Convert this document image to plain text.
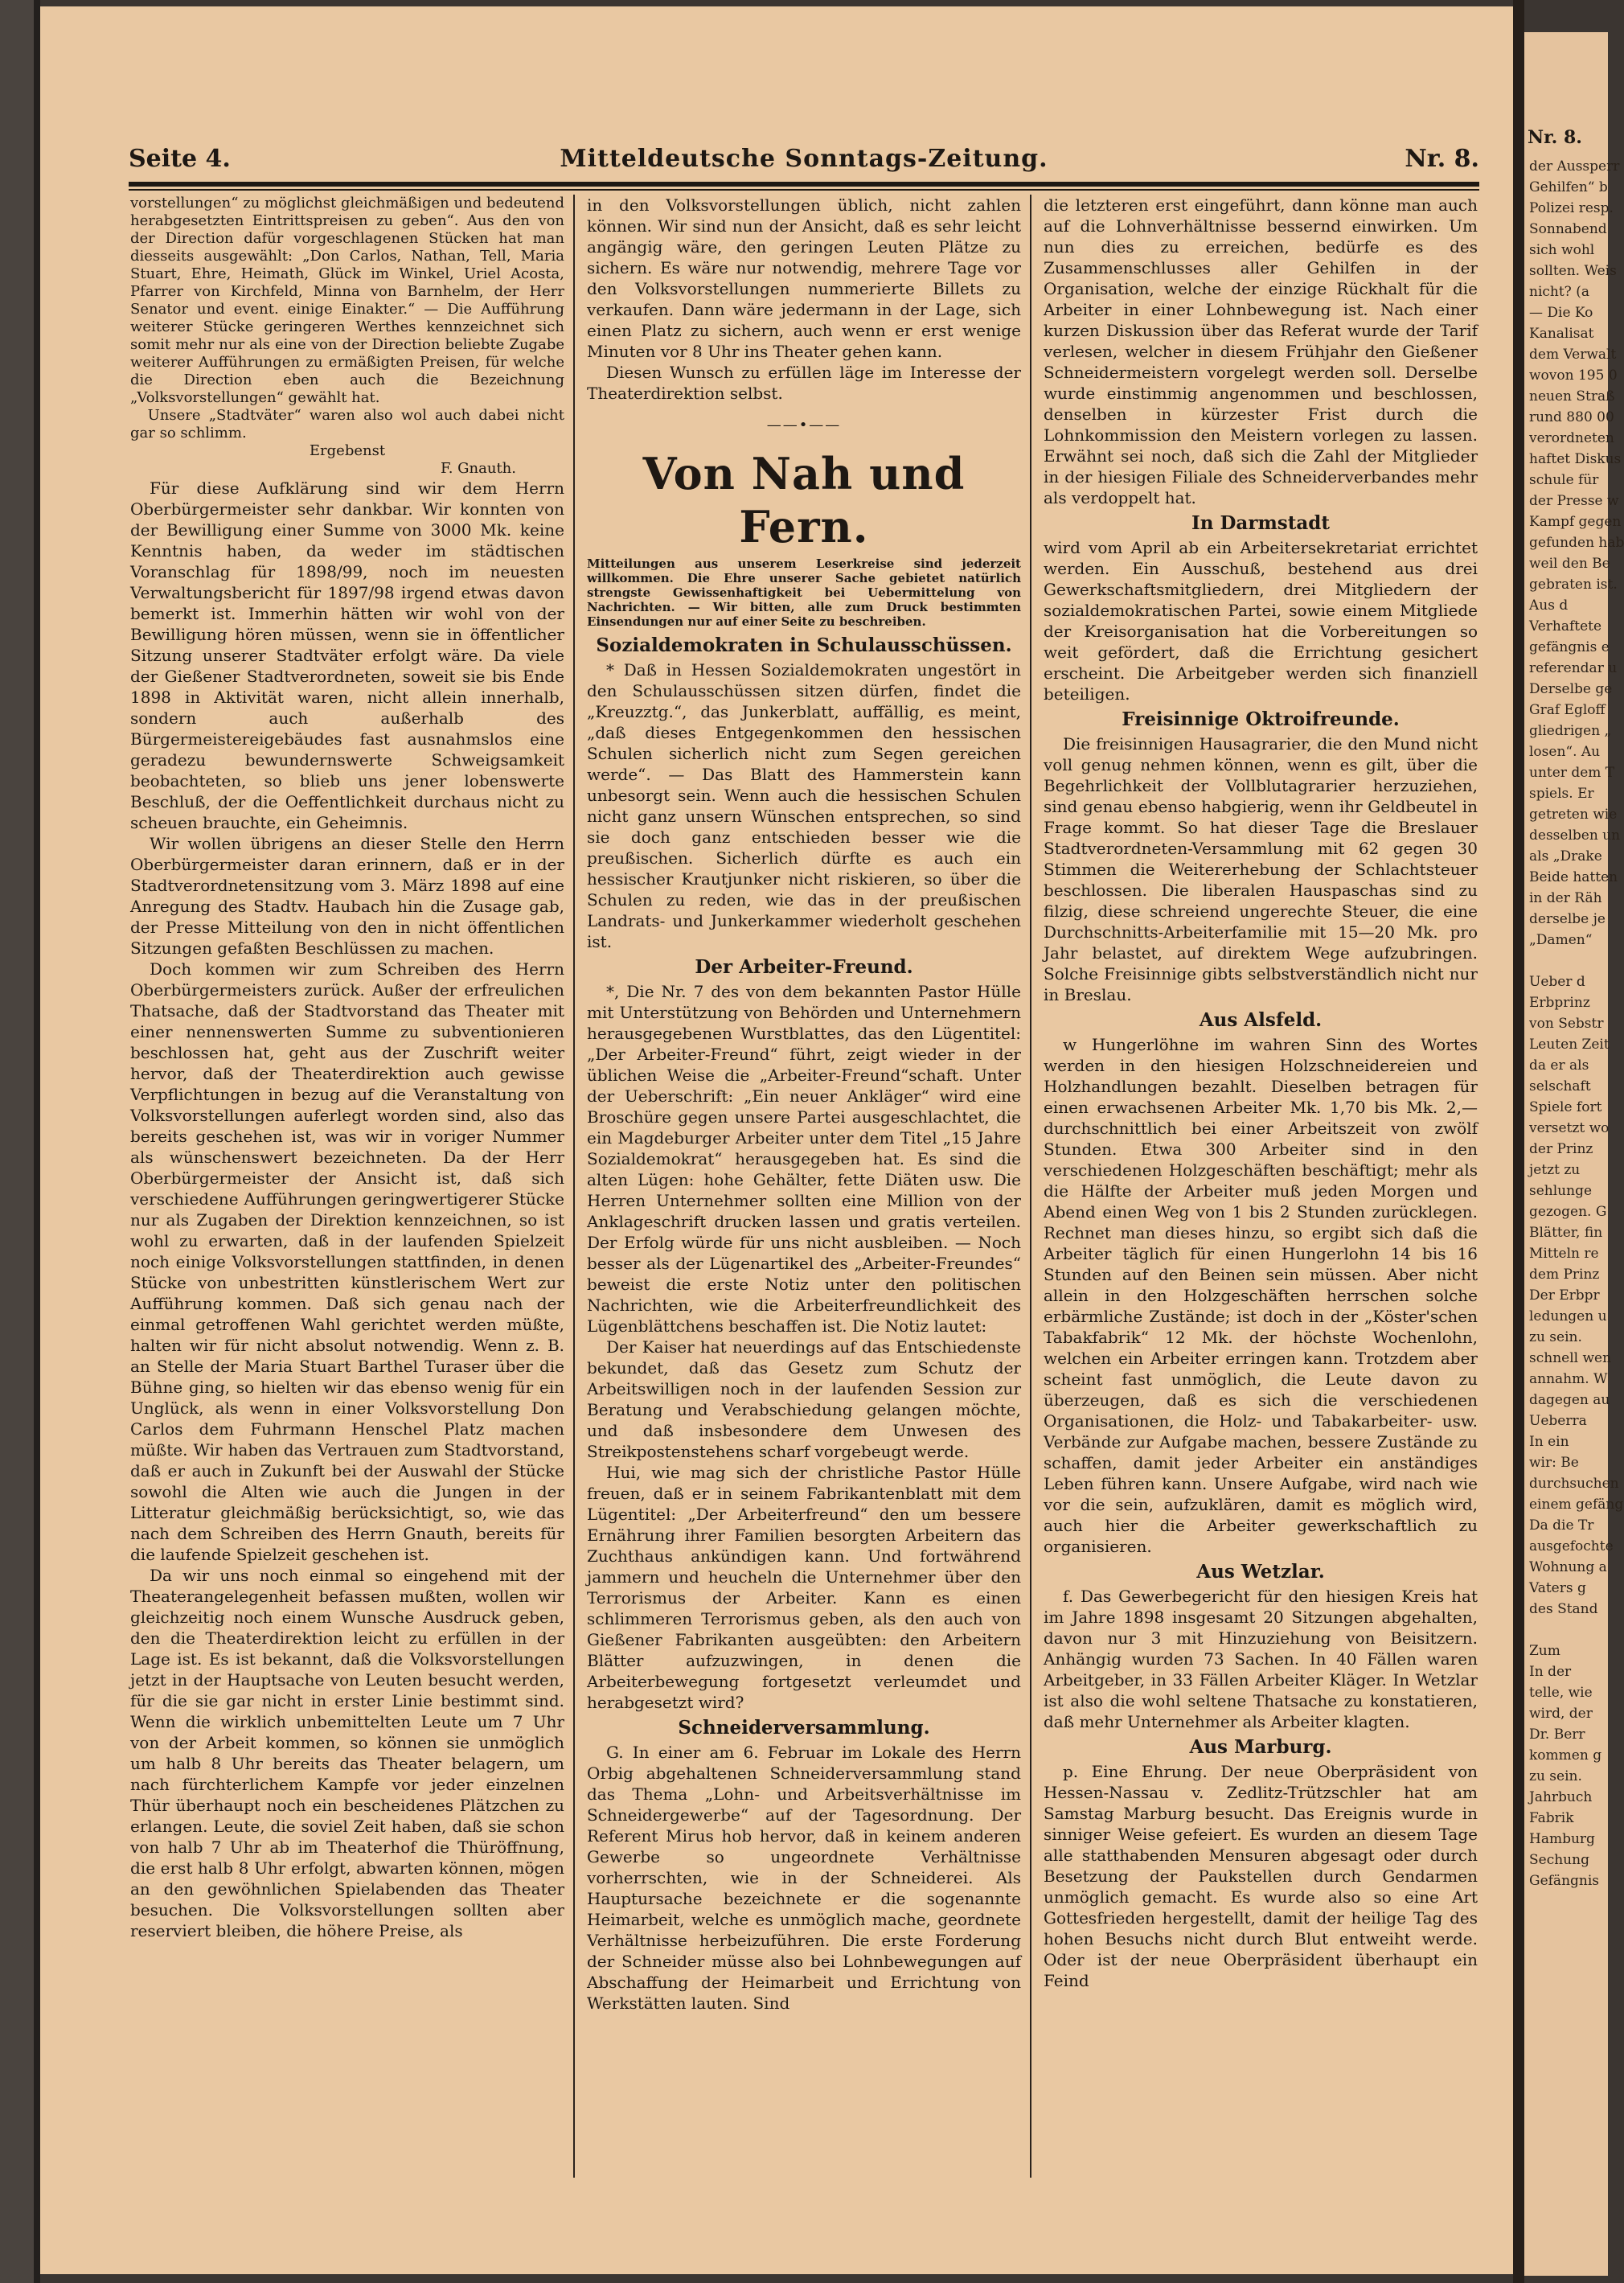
Seite 4.	Mitteldeutsche Sonntags-Zeitung.	Nr. 8.

vorstellungen“ zu möglichst gleichmäßigen und bedeutend herabgesetzten Eintrittspreisen zu geben“. Aus den von der Direction dafür vorgeschlagenen Stücken hat man diesseits ausgewählt: „Don Carlos, Nathan, Tell, Maria Stuart, Ehre, Heimath, Glück im Winkel, Uriel Acosta, Pfarrer von Kirchfeld, Minna von Barnhelm, der Herr Senator und event. einige Einakter.“ — Die Aufführung weiterer Stücke geringeren Werthes kennzeichnet sich somit mehr nur als eine von der Direction beliebte Zugabe weiterer Aufführungen zu ermäßigten Preisen, für welche die Direction eben auch die Bezeichnung „Volksvorstellungen“ gewählt hat.

Unsere „Stadtväter“ waren also wol auch dabei nicht gar so schlimm.

Ergebenst

F. Gnauth.

Für diese Aufklärung sind wir dem Herrn Oberbürgermeister sehr dankbar. Wir konnten von der Bewilligung einer Summe von 3000 Mk. keine Kenntnis haben, da weder im städtischen Voranschlag für 1898/99, noch im neuesten Verwaltungsbericht für 1897/98 irgend etwas davon bemerkt ist. Immerhin hätten wir wohl von der Bewilligung hören müssen, wenn sie in öffentlicher Sitzung unserer Stadtväter erfolgt wäre. Da viele der Gießener Stadtverordneten, soweit sie bis Ende 1898 in Aktivität waren, nicht allein innerhalb, sondern auch außerhalb des Bürgermeistereigebäudes fast ausnahmslos eine geradezu bewundernswerte Schweigsamkeit beobachteten, so blieb uns jener lobenswerte Beschluß, der die Oeffentlichkeit durchaus nicht zu scheuen brauchte, ein Geheimnis.

Wir wollen übrigens an dieser Stelle den Herrn Oberbürgermeister daran erinnern, daß er in der Stadtverordnetensitzung vom 3. März 1898 auf eine Anregung des Stadtv. Haubach hin die Zusage gab, der Presse Mitteilung von den in nicht öffentlichen Sitzungen gefaßten Beschlüssen zu machen.

Doch kommen wir zum Schreiben des Herrn Oberbürgermeisters zurück. Außer der erfreulichen Thatsache, daß der Stadtvorstand das Theater mit einer nennenswerten Summe zu subventionieren beschlossen hat, geht aus der Zuschrift weiter hervor, daß der Theaterdirektion auch gewisse Verpflichtungen in bezug auf die Veranstaltung von Volksvorstellungen auferlegt worden sind, also das bereits geschehen ist, was wir in voriger Nummer als wünschenswert bezeichneten. Da der Herr Oberbürgermeister der Ansicht ist, daß sich verschiedene Aufführungen geringwertigerer Stücke nur als Zugaben der Direktion kennzeichnen, so ist wohl zu erwarten, daß in der laufenden Spielzeit noch einige Volksvorstellungen stattfinden, in denen Stücke von unbestritten künstlerischem Wert zur Aufführung kommen. Daß sich genau nach der einmal getroffenen Wahl gerichtet werden müßte, halten wir für nicht absolut notwendig. Wenn z. B. an Stelle der Maria Stuart Barthel Turaser über die Bühne ging, so hielten wir das ebenso wenig für ein Unglück, als wenn in einer Volksvorstellung Don Carlos dem Fuhrmann Henschel Platz machen müßte. Wir haben das Vertrauen zum Stadtvorstand, daß er auch in Zukunft bei der Auswahl der Stücke sowohl die Alten wie auch die Jungen in der Litteratur gleichmäßig berücksichtigt, so, wie das nach dem Schreiben des Herrn Gnauth, bereits für die laufende Spielzeit geschehen ist.

Da wir uns noch einmal so eingehend mit der Theaterangelegenheit befassen mußten, wollen wir gleichzeitig noch einem Wunsche Ausdruck geben, den die Theaterdirektion leicht zu erfüllen in der Lage ist. Es ist bekannt, daß die Volksvorstellungen jetzt in der Hauptsache von Leuten besucht werden, für die sie gar nicht in erster Linie bestimmt sind. Wenn die wirklich unbemittelten Leute um 7 Uhr von der Arbeit kommen, so können sie unmöglich um halb 8 Uhr bereits das Theater belagern, um nach fürchterlichem Kampfe vor jeder einzelnen Thür überhaupt noch ein bescheidenes Plätzchen zu erlangen. Leute, die soviel Zeit haben, daß sie schon von halb 7 Uhr ab im Theaterhof die Thüröffnung, die erst halb 8 Uhr erfolgt, abwarten können, mögen an den gewöhnlichen Spielabenden das Theater besuchen. Die Volksvorstellungen sollten aber reserviert bleiben, die höhere Preise, als

in den Volksvorstellungen üblich, nicht zahlen können. Wir sind nun der Ansicht, daß es sehr leicht angängig wäre, den geringen Leuten Plätze zu sichern. Es wäre nur notwendig, mehrere Tage vor den Volksvorstellungen nummerierte Billets zu verkaufen. Dann wäre jedermann in der Lage, sich einen Platz zu sichern, auch wenn er erst wenige Minuten vor 8 Uhr ins Theater gehen kann.

Diesen Wunsch zu erfüllen läge im Interesse der Theaterdirektion selbst.

——•——

Von Nah und Fern.

Mitteilungen aus unserem Leserkreise sind jederzeit willkommen. Die Ehre unserer Sache gebietet natürlich strengste Gewissenhaftigkeit bei Uebermittelung von Nachrichten. — Wir bitten, alle zum Druck bestimmten Einsendungen nur auf einer Seite zu beschreiben.

Sozialdemokraten in Schulausschüssen.

* Daß in Hessen Sozialdemokraten ungestört in den Schulausschüssen sitzen dürfen, findet die „Kreuzztg.“, das Junkerblatt, auffällig, es meint, „daß dieses Entgegenkommen den hessischen Schulen sicherlich nicht zum Segen gereichen werde“. — Das Blatt des Hammerstein kann unbesorgt sein. Wenn auch die hessischen Schulen nicht ganz unsern Wünschen entsprechen, so sind sie doch ganz entschieden besser wie die preußischen. Sicherlich dürfte es auch ein hessischer Krautjunker nicht riskieren, so über die Schulen zu reden, wie das in der preußischen Landrats- und Junkerkammer wiederholt geschehen ist.

Der Arbeiter-Freund.

*, Die Nr. 7 des von dem bekannten Pastor Hülle mit Unterstützung von Behörden und Unternehmern herausgegebenen Wurstblattes, das den Lügentitel: „Der Arbeiter-Freund“ führt, zeigt wieder in der üblichen Weise die „Arbeiter-Freund“schaft. Unter der Ueberschrift: „Ein neuer Ankläger“ wird eine Broschüre gegen unsere Partei ausgeschlachtet, die ein Magdeburger Arbeiter unter dem Titel „15 Jahre Sozialdemokrat“ herausgegeben hat. Es sind die alten Lügen: hohe Gehälter, fette Diäten usw. Die Herren Unternehmer sollten eine Million von der Anklageschrift drucken lassen und gratis verteilen. Der Erfolg würde für uns nicht ausbleiben. — Noch besser als der Lügenartikel des „Arbeiter-Freundes“ beweist die erste Notiz unter den politischen Nachrichten, wie die Arbeiterfreundlichkeit des Lügenblättchens beschaffen ist. Die Notiz lautet:

Der Kaiser hat neuerdings auf das Entschiedenste bekundet, daß das Gesetz zum Schutz der Arbeitswilligen noch in der laufenden Session zur Beratung und Verabschiedung gelangen möchte, und daß insbesondere dem Unwesen des Streikpostenstehens scharf vorgebeugt werde.

Hui, wie mag sich der christliche Pastor Hülle freuen, daß er in seinem Fabrikantenblatt mit dem Lügentitel: „Der Arbeiterfreund“ den um bessere Ernährung ihrer Familien besorgten Arbeitern das Zuchthaus ankündigen kann. Und fortwährend jammern und heucheln die Unternehmer über den Terrorismus der Arbeiter. Kann es einen schlimmeren Terrorismus geben, als den auch von Gießener Fabrikanten ausgeübten: den Arbeitern Blätter aufzuzwingen, in denen die Arbeiterbewegung fortgesetzt verleumdet und herabgesetzt wird?

Schneiderversammlung.

G. In einer am 6. Februar im Lokale des Herrn Orbig abgehaltenen Schneiderversammlung stand das Thema „Lohn- und Arbeitsverhältnisse im Schneidergewerbe“ auf der Tagesordnung. Der Referent Mirus hob hervor, daß in keinem anderen Gewerbe so ungeordnete Verhältnisse vorherrschten, wie in der Schneiderei. Als Hauptursache bezeichnete er die sogenannte Heimarbeit, welche es unmöglich mache, geordnete Verhältnisse herbeizuführen. Die erste Forderung der Schneider müsse also bei Lohnbewegungen auf Abschaffung der Heimarbeit und Errichtung von Werkstätten lauten. Sind

die letzteren erst eingeführt, dann könne man auch auf die Lohnverhältnisse bessernd einwirken. Um nun dies zu erreichen, bedürfe es des Zusammenschlusses aller Gehilfen in der Organisation, welche der einzige Rückhalt für die Arbeiter in einer Lohnbewegung ist. Nach einer kurzen Diskussion über das Referat wurde der Tarif verlesen, welcher in diesem Frühjahr den Gießener Schneidermeistern vorgelegt werden soll. Derselbe wurde einstimmig angenommen und beschlossen, denselben in kürzester Frist durch die Lohnkommission den Meistern vorlegen zu lassen. Erwähnt sei noch, daß sich die Zahl der Mitglieder in der hiesigen Filiale des Schneiderverbandes mehr als verdoppelt hat.

In Darmstadt

wird vom April ab ein Arbeitersekretariat errichtet werden. Ein Ausschuß, bestehend aus drei Gewerkschaftsmitgliedern, drei Mitgliedern der sozialdemokratischen Partei, sowie einem Mitgliede der Kreisorganisation hat die Vorbereitungen so weit gefördert, daß die Errichtung gesichert erscheint. Die Arbeitgeber werden sich finanziell beteiligen.

Freisinnige Oktroifreunde.

Die freisinnigen Hausagrarier, die den Mund nicht voll genug nehmen können, wenn es gilt, über die Begehrlichkeit der Vollblutagrarier herzuziehen, sind genau ebenso habgierig, wenn ihr Geldbeutel in Frage kommt. So hat dieser Tage die Breslauer Stadtverordneten-Versammlung mit 62 gegen 30 Stimmen die Weitererhebung der Schlachtsteuer beschlossen. Die liberalen Hauspaschas sind zu filzig, diese schreiend ungerechte Steuer, die eine Durchschnitts-Arbeiterfamilie mit 15—20 Mk. pro Jahr belastet, auf direktem Wege aufzubringen. Solche Freisinnige gibts selbstverständlich nicht nur in Breslau.

Aus Alsfeld.

w Hungerlöhne im wahren Sinn des Wortes werden in den hiesigen Holzschneidereien und Holzhandlungen bezahlt. Dieselben betragen für einen erwachsenen Arbeiter Mk. 1,70 bis Mk. 2,— durchschnittlich bei einer Arbeitszeit von zwölf Stunden. Etwa 300 Arbeiter sind in den verschiedenen Holzgeschäften beschäftigt; mehr als die Hälfte der Arbeiter muß jeden Morgen und Abend einen Weg von 1 bis 2 Stunden zurücklegen. Rechnet man dieses hinzu, so ergibt sich daß die Arbeiter täglich für einen Hungerlohn 14 bis 16 Stunden auf den Beinen sein müssen. Aber nicht allein in den Holzgeschäften herrschen solche erbärmliche Zustände; ist doch in der „Köster'schen Tabakfabrik“ 12 Mk. der höchste Wochenlohn, welchen ein Arbeiter erringen kann. Trotzdem aber scheint fast unmöglich, die Leute davon zu überzeugen, daß es sich die verschiedenen Organisationen, die Holz- und Tabakarbeiter- usw. Verbände zur Aufgabe machen, bessere Zustände zu schaffen, damit jeder Arbeiter ein anständiges Leben führen kann. Unsere Aufgabe, wird nach wie vor die sein, aufzuklären, damit es möglich wird, auch hier die Arbeiter gewerkschaftlich zu organisieren.

Aus Wetzlar.

f. Das Gewerbegericht für den hiesigen Kreis hat im Jahre 1898 insgesamt 20 Sitzungen abgehalten, davon nur 3 mit Hinzuziehung von Beisitzern. Anhängig wurden 73 Sachen. In 40 Fällen waren Arbeitgeber, in 33 Fällen Arbeiter Kläger. In Wetzlar ist also die wohl seltene Thatsache zu konstatieren, daß mehr Unternehmer als Arbeiter klagten.

Aus Marburg.

p. Eine Ehrung. Der neue Oberpräsident von Hessen-Nassau v. Zedlitz-Trützschler hat am Samstag Marburg besucht. Das Ereignis wurde in sinniger Weise gefeiert. Es wurden an diesem Tage alle statthabenden Mensuren abgesagt oder durch Besetzung der Paukstellen durch Gendarmen unmöglich gemacht. Es wurde also so eine Art Gottesfrieden hergestellt, damit der heilige Tag des hohen Besuchs nicht durch Blut entweiht werde. Oder ist der neue Oberpräsident überhaupt ein Feind

Nr. 8.
der Aussperr
Gehilfen“ b
Polizei resp.
Sonnabend
sich wohl
sollten. Weis
nicht? (a
— Die Ko
Kanalisat
dem Verwalt
wovon 195 0
neuen Straß
rund 880 00
verordneten
haftet Diskus
schule für
der Presse w
Kampf gegen
gefunden hab
weil den Be
gebraten ist.
Aus d
Verhaftete
gefängnis e
referendar u
Derselbe ge
Graf Egloff
gliedrigen „
losen“. Au
unter dem T
spiels. Er
getreten wie
desselben un
als „Drake
Beide hatten
in der Räh
derselbe je
„Damen“

Ueber d
Erbprinz
von Sebstr
Leuten Zeit
da er als
selschaft
Spiele fort
versetzt wo
der Prinz
jetzt zu
sehlunge
gezogen. G
Blätter, fin
Mitteln re
dem Prinz
Der Erbpr
ledungen u
zu sein.
schnell wen
annahm. W
dagegen au
Ueberra
In ein
wir: Be
durchsuchen
einem gefäng
Da die Tr
ausgefochte
Wohnung a
Vaters g
des Stand

Zum
In der
telle, wie
wird, der
Dr. Berr
kommen g
zu sein.
Jahrbuch
Fabrik
Hamburg
Sechung
Gefängnis
